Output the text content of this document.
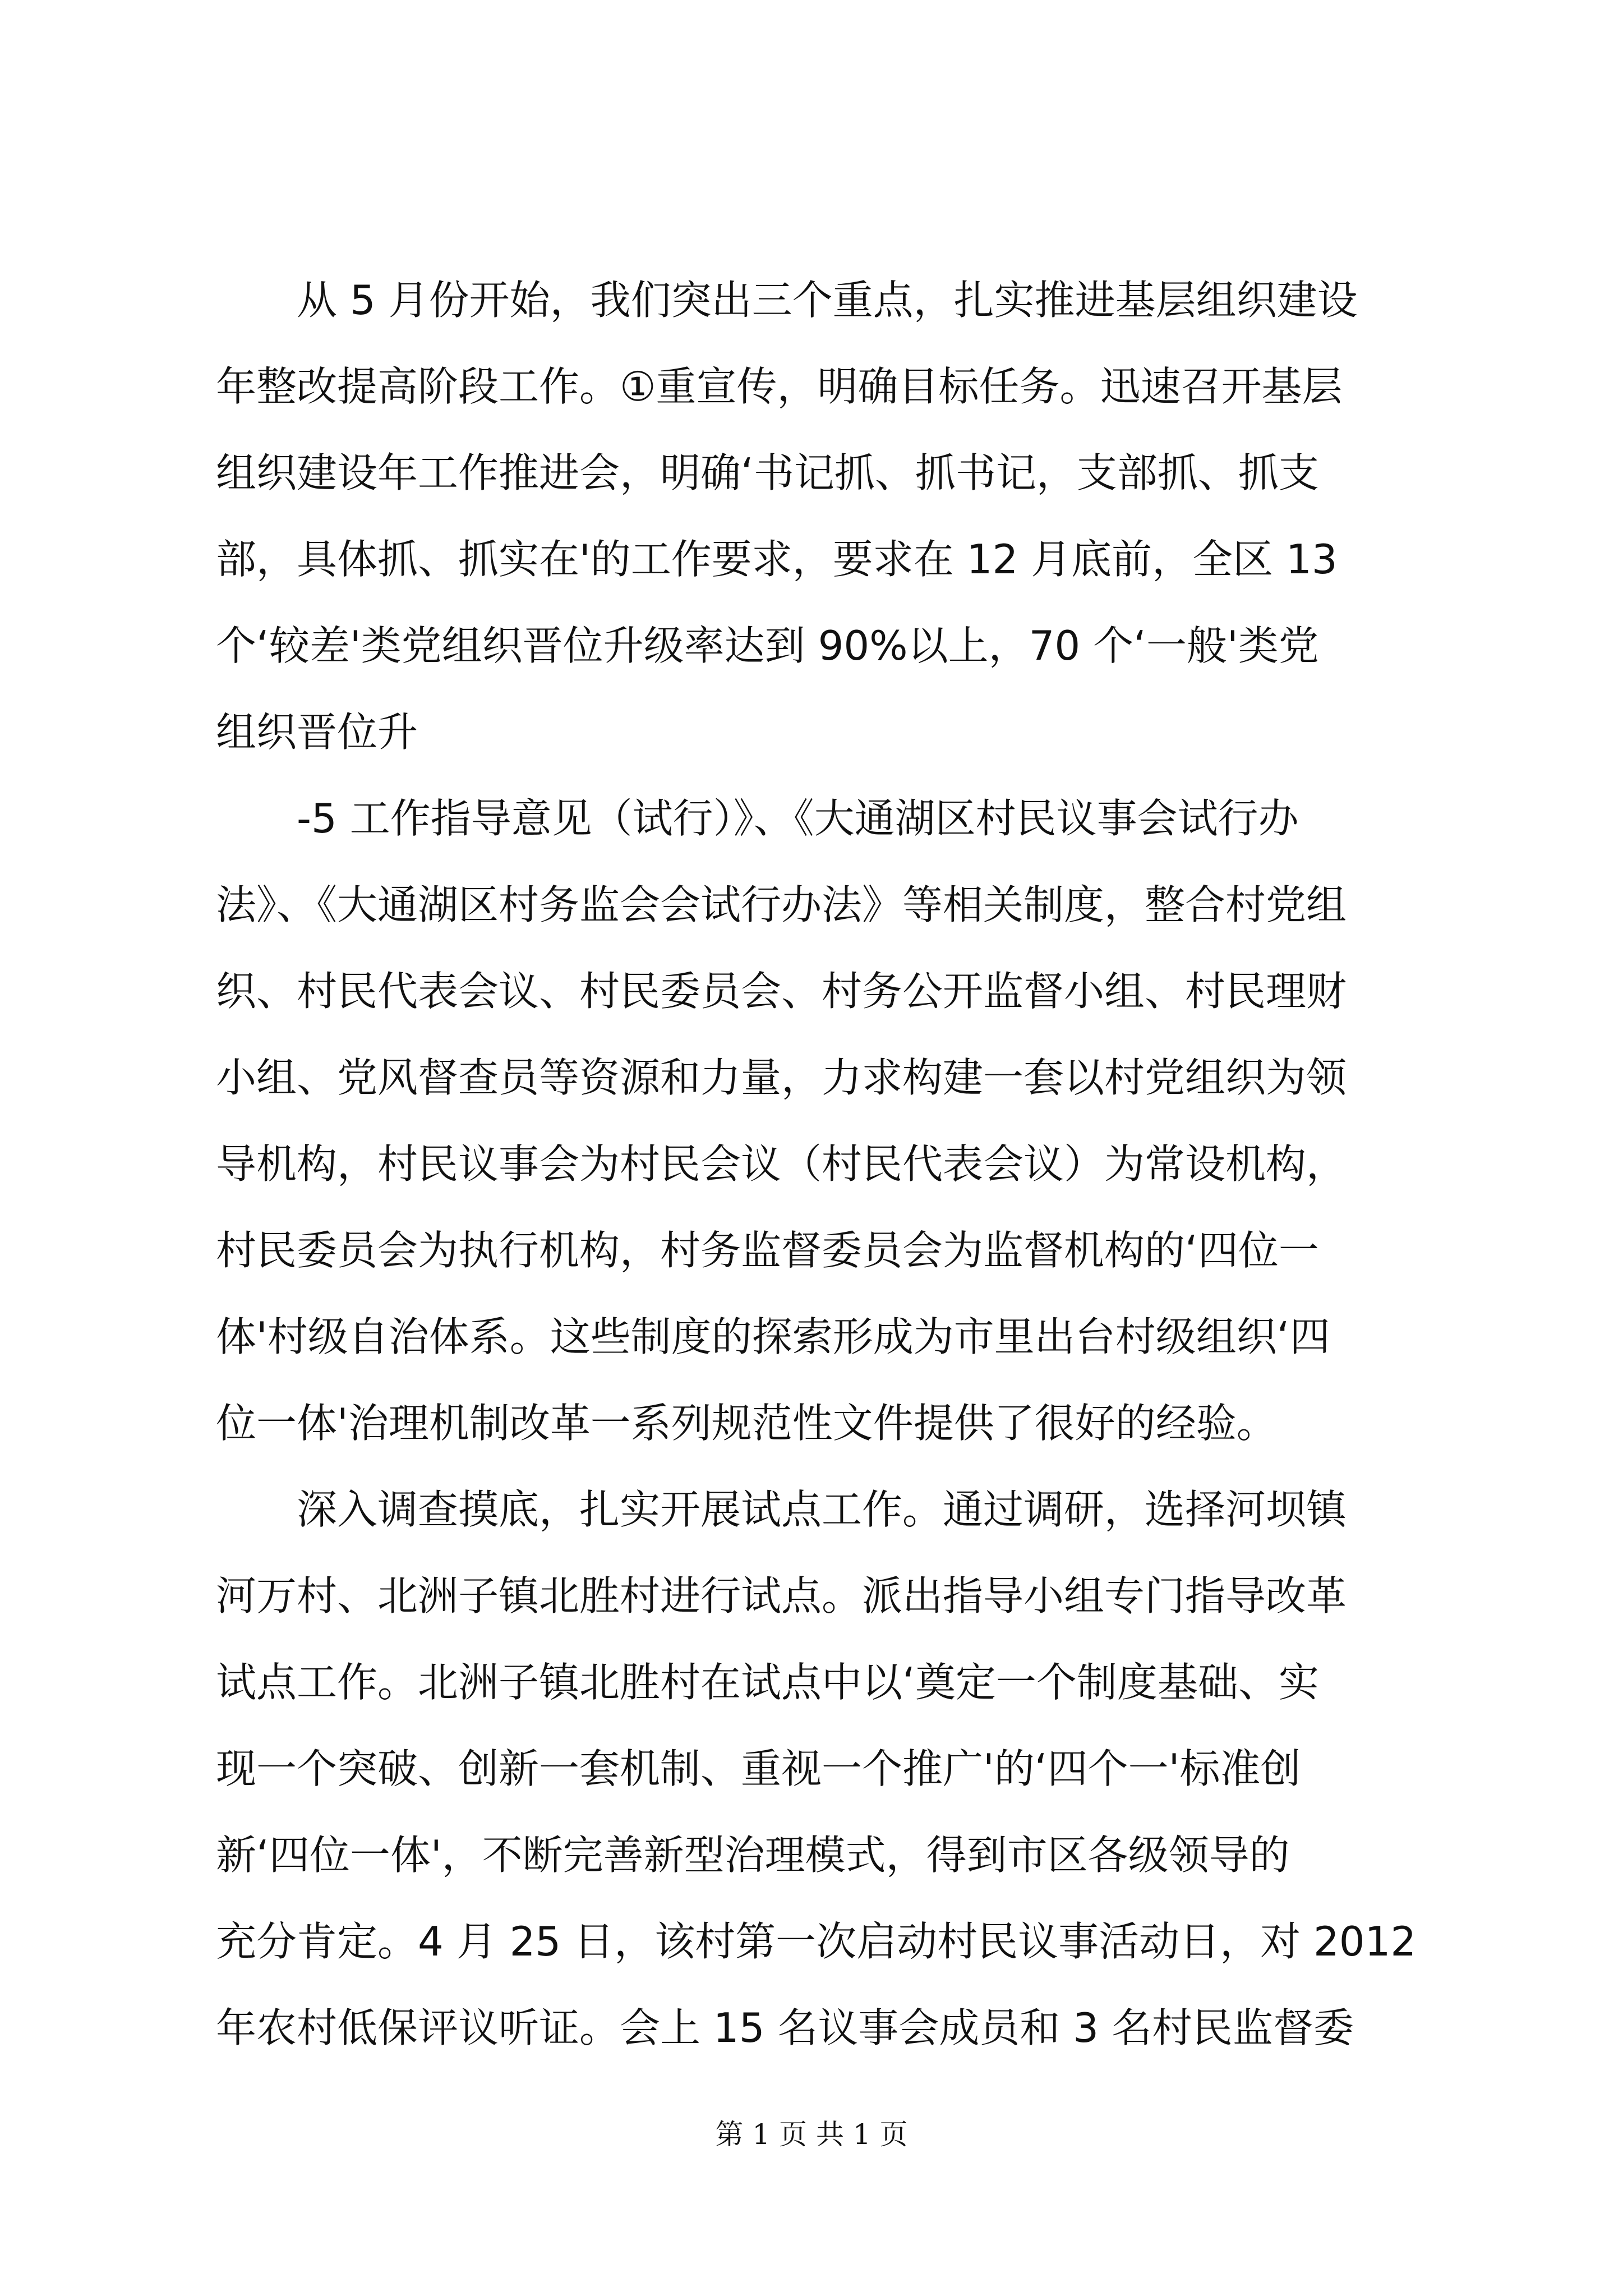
　　从 5 月份开始，我们突出三个重点，扎实推进基层组织建设
年整改提高阶段工作。①重宣传，明确目标任务。迅速召开基层
组织建设年工作推进会，明确‘书记抓、抓书记，支部抓、抓支
部，具体抓、抓实在'的工作要求，要求在 12 月底前，全区 13
个‘较差'类党组织晋位升级率达到 90%以上，70 个‘一般'类党
组织晋位升
　　-5 工作指导意见（试行）》、《大通湖区村民议事会试行办
法》、《大通湖区村务监会会试行办法》等相关制度，整合村党组
织、村民代表会议、村民委员会、村务公开监督小组、村民理财
小组、党风督查员等资源和力量，力求构建一套以村党组织为领
导机构，村民议事会为村民会议（村民代表会议）为常设机构，
村民委员会为执行机构，村务监督委员会为监督机构的‘四位一
体'村级自治体系。这些制度的探索形成为市里出台村级组织‘四
位一体'治理机制改革一系列规范性文件提供了很好的经验。
　　深入调查摸底，扎实开展试点工作。通过调研，选择河坝镇
河万村、北洲子镇北胜村进行试点。派出指导小组专门指导改革
试点工作。北洲子镇北胜村在试点中以‘奠定一个制度基础、实
现一个突破、创新一套机制、重视一个推广'的‘四个一'标准创
新‘四位一体'，不断完善新型治理模式，得到市区各级领导的
充分肯定。4 月 25 日，该村第一次启动村民议事活动日，对 2012
年农村低保评议听证。会上 15 名议事会成员和 3 名村民监督委
第 1 页 共 1 页
